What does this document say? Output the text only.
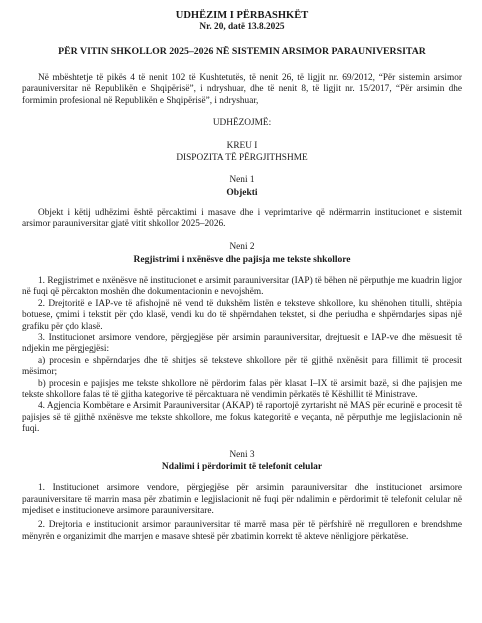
UDHËZIM I PËRBASHKËT
Nr. 20, datë 13.8.2025
PËR VITIN SHKOLLOR 2025–2026 NË SISTEMIN ARSIMOR PARAUNIVERSITAR
Në mbështetje të pikës 4 të nenit 102 të Kushtetutës, të nenit 26, të ligjit nr. 69/2012, “Për sistemin arsimor parauniversitar në Republikën e Shqipërisë”, i ndryshuar, dhe të nenit 8, të ligjit nr. 15/2017, “Për arsimin dhe formimin profesional në Republikën e Shqipërisë”, i ndryshuar,
UDHËZOJMË:
KREU I
DISPOZITA TË PËRGJITHSHME
Neni 1
Objekti
Objekt i këtij udhëzimi është përcaktimi i masave dhe i veprimtarive që ndërmarrin institucionet e sistemit arsimor parauniversitar gjatë vitit shkollor 2025–2026.
Neni 2
Regjistrimi i nxënësve dhe pajisja me tekste shkollore
1. Regjistrimet e nxënësve në institucionet e arsimit parauniversitar (IAP) të bëhen në përputhje me kuadrin ligjor në fuqi që përcakton moshën dhe dokumentacionin e nevojshëm.
2. Drejtoritë e IAP-ve të afishojnë në vend të dukshëm listën e teksteve shkollore, ku shënohen titulli, shtëpia botuese, çmimi i tekstit për çdo klasë, vendi ku do të shpërndahen tekstet, si dhe periudha e shpërndarjes sipas një grafiku për çdo klasë.
3. Institucionet arsimore vendore, përgjegjëse për arsimin parauniversitar, drejtuesit e IAP-ve dhe mësuesit të ndjekin me përgjegjësi:
a) procesin e shpërndarjes dhe të shitjes së teksteve shkollore për të gjithë nxënësit para fillimit të procesit mësimor;
b) procesin e pajisjes me tekste shkollore në përdorim falas për klasat I–IX të arsimit bazë, si dhe pajisjen me tekste shkollore falas të të gjitha kategorive të përcaktuara në vendimin përkatës të Këshillit të Ministrave.
4. Agjencia Kombëtare e Arsimit Parauniversitar (AKAP) të raportojë zyrtarisht në MAS për ecurinë e procesit të pajisjes së të gjithë nxënësve me tekste shkollore, me fokus kategoritë e veçanta, në përputhje me legjislacionin në fuqi.
Neni 3
Ndalimi i përdorimit të telefonit celular
1. Institucionet arsimore vendore, përgjegjëse për arsimin parauniversitar dhe institucionet arsimore parauniversitare të marrin masa për zbatimin e legjislacionit në fuqi për ndalimin e përdorimit të telefonit celular në mjediset e institucioneve arsimore parauniversitare.
2. Drejtoria e institucionit arsimor parauniversitar të marrë masa për të përfshirë në rregulloren e brendshme mënyrën e organizimit dhe marrjen e masave shtesë për zbatimin korrekt të akteve nënligjore përkatëse.
